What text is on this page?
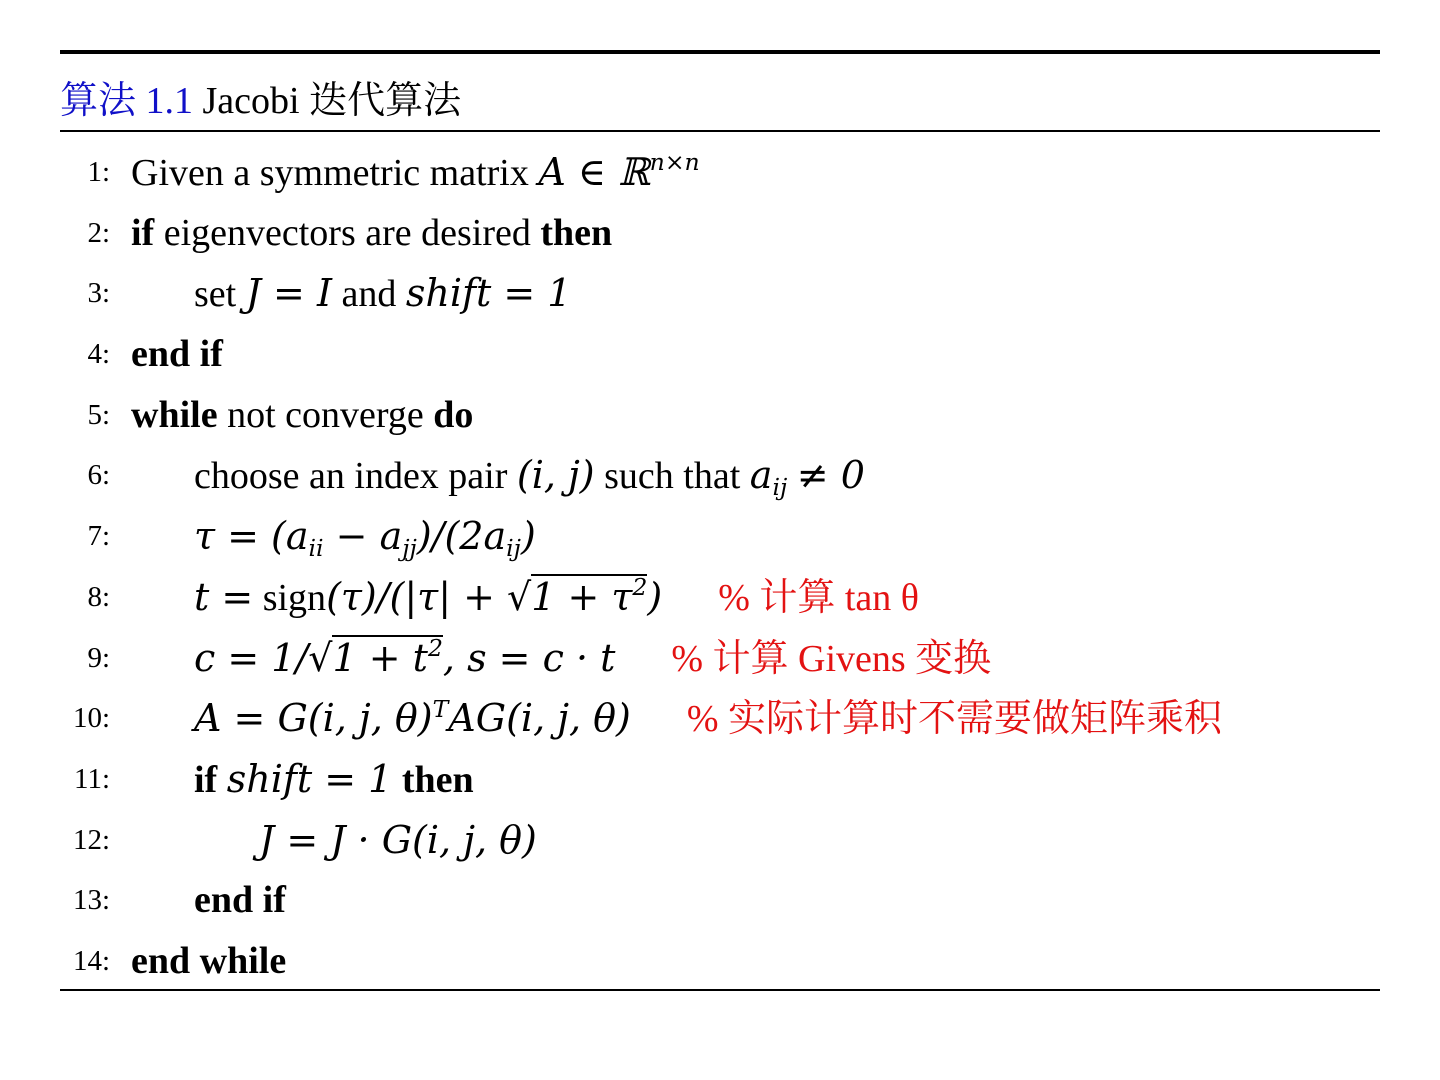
算法 1.1 Jacobi 迭代算法
1: Given a symmetric matrix A ∈ ℝ$^{n\times n}$
2: if eigenvectors are desired then
3: set J = I and shift = 1
4: end if
5: while not converge do
6: choose an index pair (i, j) such that $a_{ij} \ne 0$
7: $\tau = (a_{ii} - a_{jj})/(2a_{ij})$
8: t = sign(τ)/(|τ| + $√1 + \tau^2$) % 计算 tan θ
9: $c = 1/√1 + t^2$, s = c · t % 计算 Givens 变换
10: A = G(i, j, θ)$^T$AG(i, j, θ) % 实际计算时不需要做矩阵乘积
11: if shift = 1 then
12:	J = J · G(i, j, θ)
13: end if
14: end while
